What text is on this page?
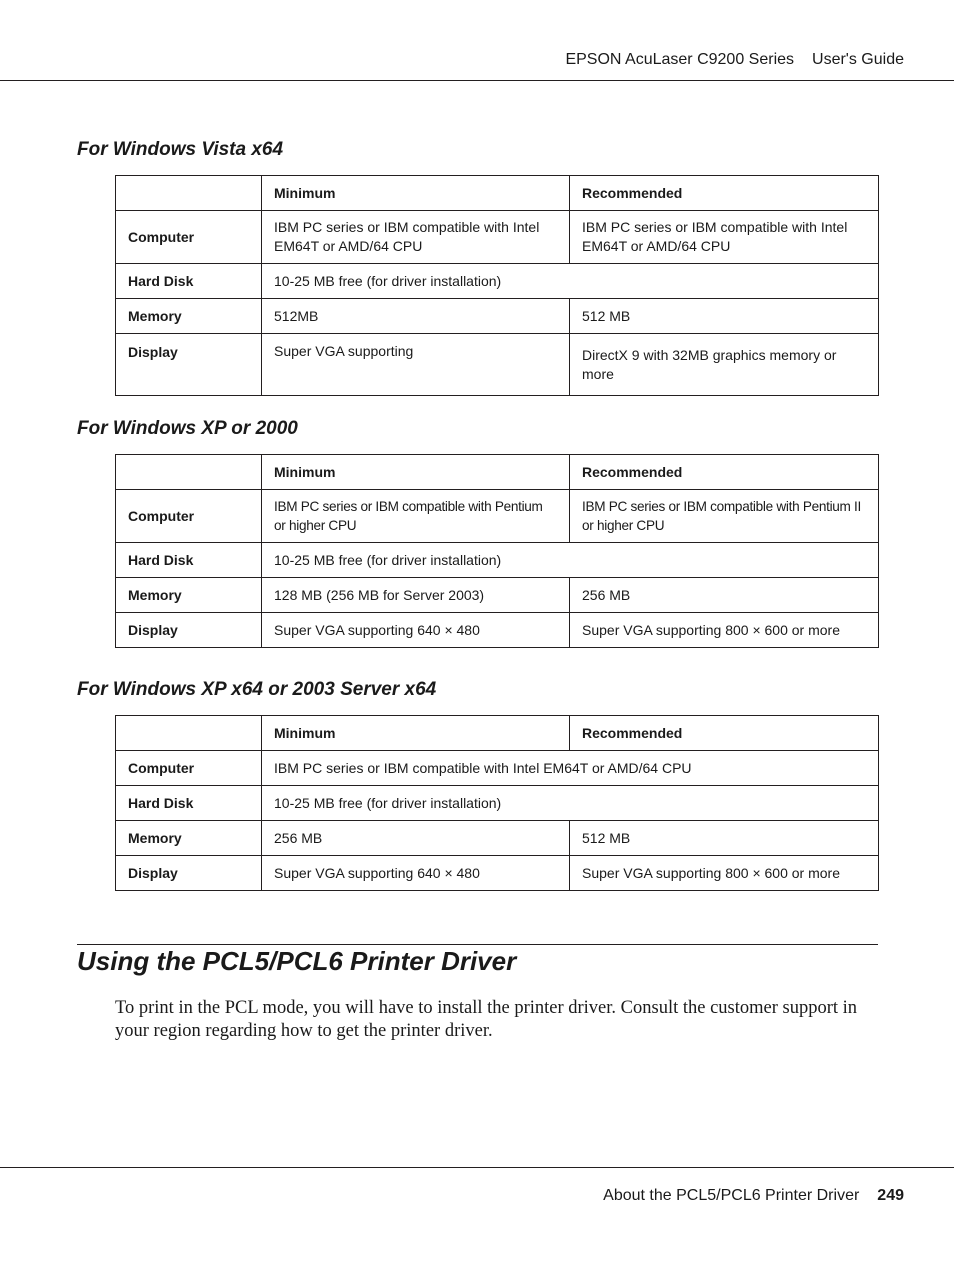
EPSON AcuLaser C9200 Series User's Guide
For Windows Vista x64
	Minimum	Recommended
Computer	IBM PC series or IBM compatible with Intel EM64T or AMD/64 CPU	IBM PC series or IBM compatible with Intel EM64T or AMD/64 CPU
Hard Disk	10-25 MB free (for driver installation)	
Memory	512MB	512 MB
Display	Super VGA supporting	DirectX 9 with 32MB graphics memory or more
For Windows XP or 2000
	Minimum	Recommended
Computer	IBM PC series or IBM compatible with Pentium or higher CPU	IBM PC series or IBM compatible with Pentium II or higher CPU
Hard Disk	10-25 MB free (for driver installation)	
Memory	128 MB (256 MB for Server 2003)	256 MB
Display	Super VGA supporting 640 × 480	Super VGA supporting 800 × 600 or more
For Windows XP x64 or 2003 Server x64
	Minimum	Recommended
Computer	IBM PC series or IBM compatible with Intel EM64T or AMD/64 CPU	
Hard Disk	10-25 MB free (for driver installation)	
Memory	256 MB	512 MB
Display	Super VGA supporting 640 × 480	Super VGA supporting 800 × 600 or more
Using the PCL5/PCL6 Printer Driver

To print in the PCL mode, you will have to install the printer driver. Consult the customer support in your region regarding how to get the printer driver.

About the PCL5/PCL6 Printer Driver 249
